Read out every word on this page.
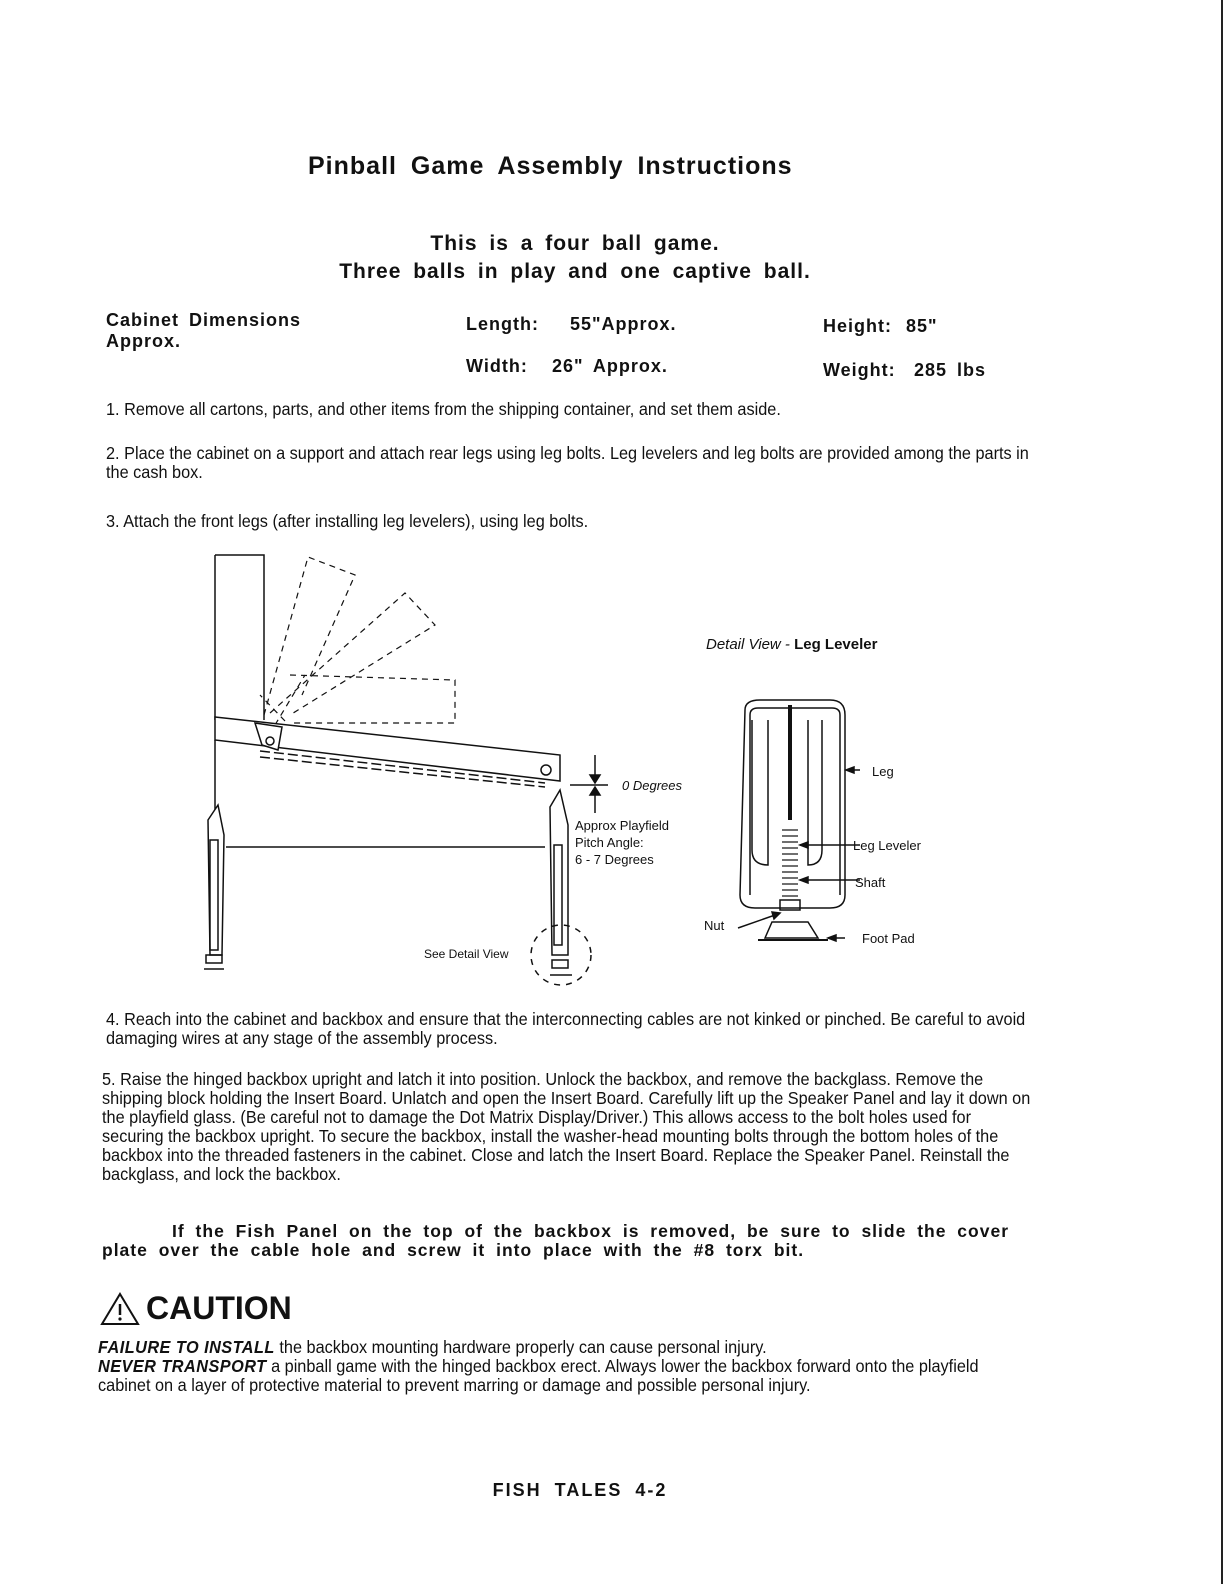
Pinball Game Assembly Instructions
This is a four ball game.
Three balls in play and one captive ball.
Cabinet Dimensions
Approx.
Length: 55"Approx.	Height: 85"
Width: 26" Approx.	Weight: 285 lbs
1. Remove all cartons, parts, and other items from the shipping container, and set them aside.
2. Place the cabinet on a support and attach rear legs using leg bolts. Leg levelers and leg bolts are provided among the parts in the cash box.
3. Attach the front legs (after installing leg levelers), using leg bolts.
0 Degrees
Approx Playfield
Pitch Angle:
6 - 7 Degrees
See Detail View
Detail View - Leg Leveler
Leg
Leg Leveler
Shaft
Nut
Foot Pad
4. Reach into the cabinet and backbox and ensure that the interconnecting cables are not kinked or pinched. Be careful to avoid damaging wires at any stage of the assembly process.
5. Raise the hinged backbox upright and latch it into position. Unlock the backbox, and remove the backglass. Remove the shipping block holding the Insert Board. Unlatch and open the Insert Board. Carefully lift up the Speaker Panel and lay it down on the playfield glass. (Be careful not to damage the Dot Matrix Display/Driver.) This allows access to the bolt holes used for securing the backbox upright. To secure the backbox, install the washer-head mounting bolts through the bottom holes of the backbox into the threaded fasteners in the cabinet. Close and latch the Insert Board. Replace the Speaker Panel. Reinstall the backglass, and lock the backbox.
If the Fish Panel on the top of the backbox is removed, be sure to slide the cover plate over the cable hole and screw it into place with the #8 torx bit.
CAUTION
FAILURE TO INSTALL the backbox mounting hardware properly can cause personal injury.
NEVER TRANSPORT a pinball game with the hinged backbox erect. Always lower the backbox forward onto the playfield cabinet on a layer of protective material to prevent marring or damage and possible personal injury.
FISH TALES 4-2
